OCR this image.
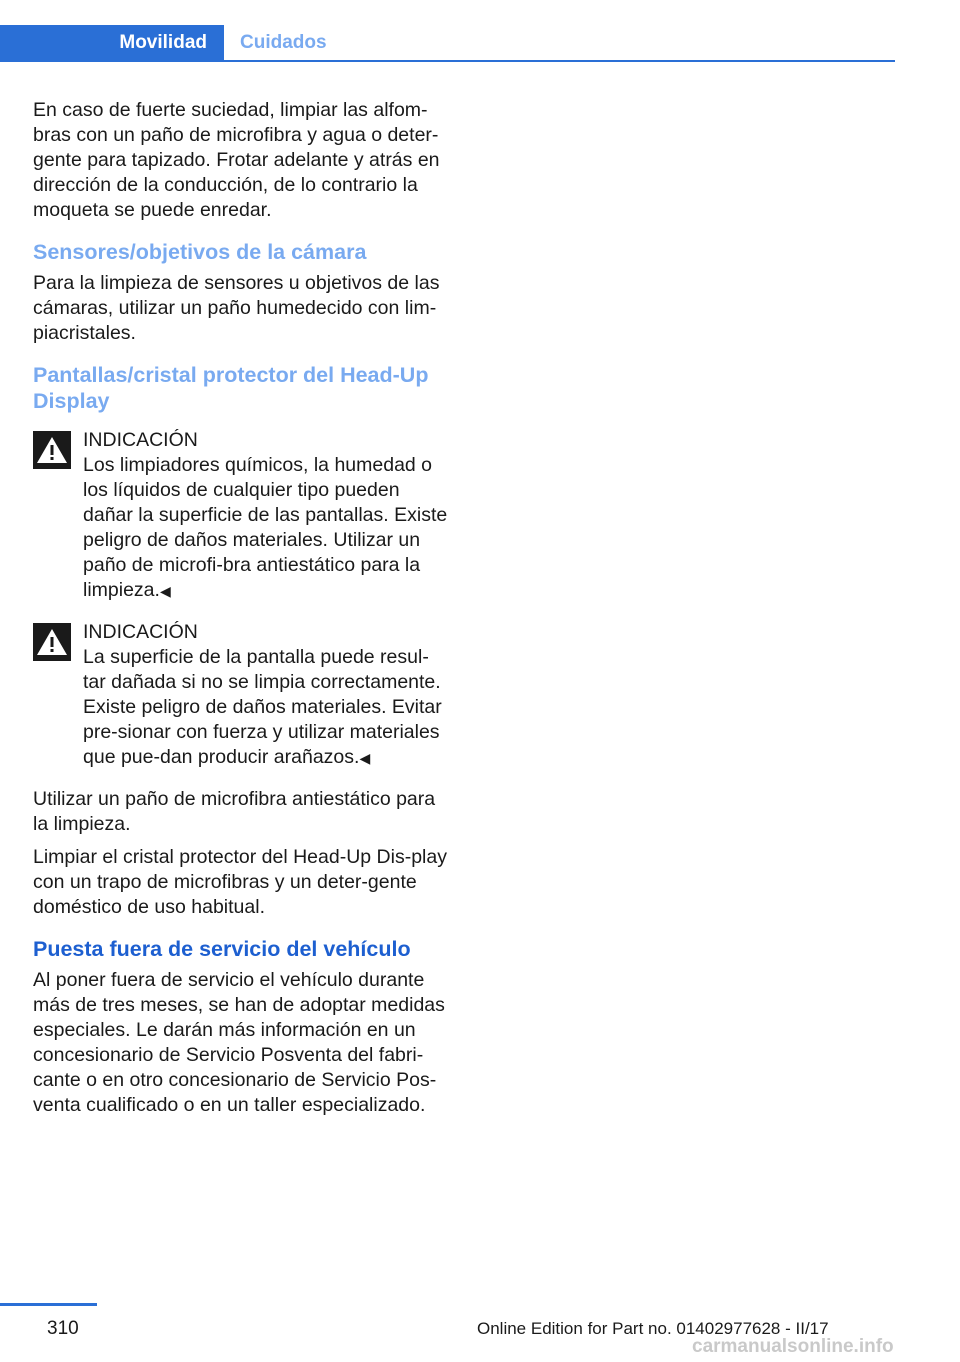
Movilidad Cuidados

En caso de fuerte suciedad, limpiar las alfom-bras con un paño de microfibra y agua o deter-gente para tapizado. Frotar adelante y atrás en dirección de la conducción, de lo contrario la moqueta se puede enredar.

Sensores/objetivos de la cámara

Para la limpieza de sensores u objetivos de las cámaras, utilizar un paño humedecido con lim-piacristales.

Pantallas/cristal protector del Head-Up Display
INDICACIÓN
Los limpiadores químicos, la humedad o los líquidos de cualquier tipo pueden dañar la superficie de las pantallas. Existe peligro de daños materiales. Utilizar un paño de microfi-bra antiestático para la limpieza.◀
INDICACIÓN
La superficie de la pantalla puede resul-tar dañada si no se limpia correctamente. Existe peligro de daños materiales. Evitar pre-sionar con fuerza y utilizar materiales que pue-dan producir arañazos.◀

Utilizar un paño de microfibra antiestático para la limpieza.

Limpiar el cristal protector del Head-Up Dis-play con un trapo de microfibras y un deter-gente doméstico de uso habitual.

Puesta fuera de servicio del vehículo

Al poner fuera de servicio el vehículo durante más de tres meses, se han de adoptar medidas especiales. Le darán más información en un concesionario de Servicio Posventa del fabri-cante o en otro concesionario de Servicio Pos-venta cualificado o en un taller especializado.

310	Online Edition for Part no. 01402977628 - II/17
carmanualsonline.info
